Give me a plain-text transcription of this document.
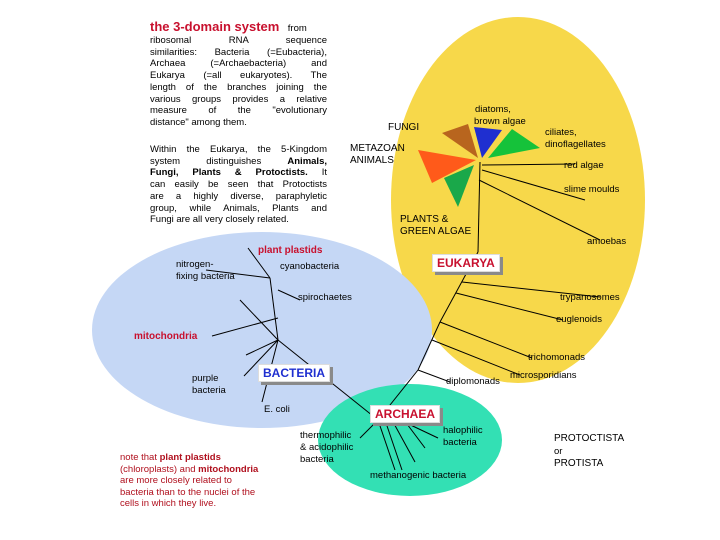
the 3-domain system from
ribosomal RNA sequence
similarities: Bacteria (=Eubacteria),
Archaea (=Archaebacteria) and
Eukarya (=all eukaryotes). The
length of the branches joining the
various groups provides a relative
measure of the "evolutionary
distance" among them.
Within the Eukarya, the 5-Kingdom
system distinguishes Animals,
Fungi, Plants & Protoctists. It
can easily be seen that Protoctists
are a highly diverse, paraphyletic
group, while Animals, Plants and
Fungi are all very closely related.
FUNGI
diatoms,
brown algae
ciliates,
dinoflagellates
METAZOAN
ANIMALS	red algae
slime moulds
PLANTS &
GREEN ALGAE
amoebas
EUKARYA
trypanosomes
euglenoids
trichomonads
microsporidians
diplomonads
plant plastids
nitrogen-
fixing bacteria
cyanobacteria
spirochaetes
mitochondria
purple
bacteria
BACTERIA
E. coli	ARCHAEA
thermophilic
& acidophilic
bacteria
halophilic
bacteria
methanogenic bacteria
PROTOCTISTA
or
PROTISTA
note that plant plastids
(chloroplasts) and mitochondria
are more closely related to
bacteria than to the nuclei of the
cells in which they live.
